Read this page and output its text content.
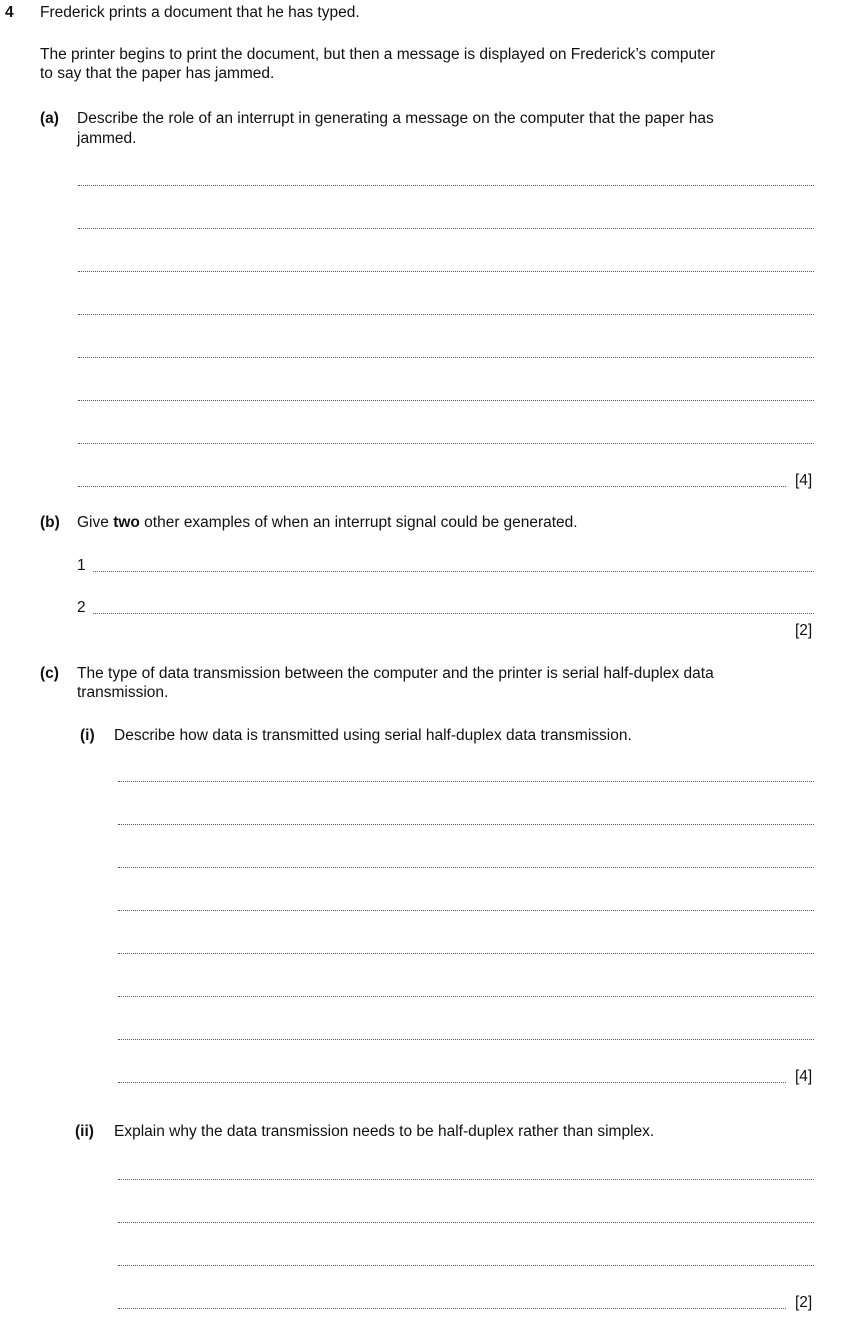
4 Frederick prints a document that he has typed.
The printer begins to print the document, but then a message is displayed on Frederick’s computer
to say that the paper has jammed.
(a) Describe the role of an interrupt in generating a message on the computer that the paper has
jammed.
[4]
(b) Give two other examples of when an interrupt signal could be generated.
1
2
[2]
(c) The type of data transmission between the computer and the printer is serial half-duplex data
transmission.
(i) Describe how data is transmitted using serial half-duplex data transmission.
[4]
(ii) Explain why the data transmission needs to be half-duplex rather than simplex.
[2]
